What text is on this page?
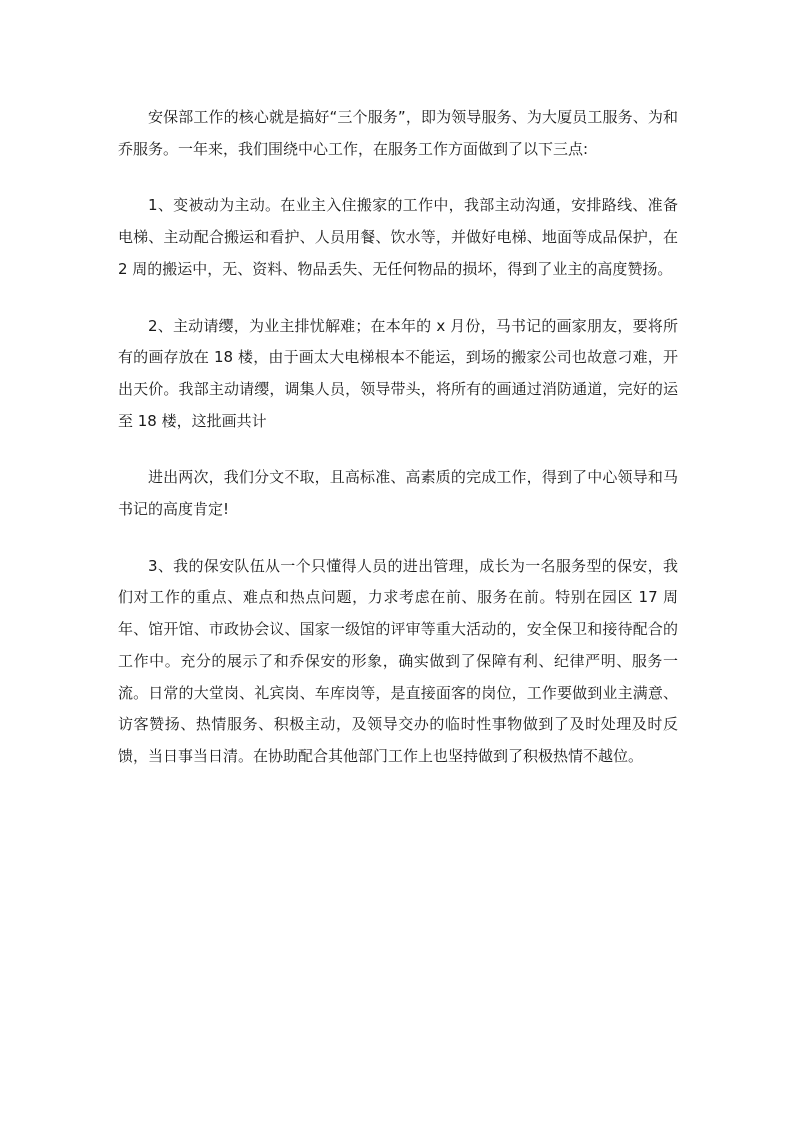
安保部工作的核心就是搞好“三个服务”，即为领导服务、为大厦员工服务、为和乔服务。一年来，我们围绕中心工作，在服务工作方面做到了以下三点:

1、变被动为主动。在业主入住搬家的工作中，我部主动沟通，安排路线、准备电梯、主动配合搬运和看护、人员用餐、饮水等，并做好电梯、地面等成品保护，在 2 周的搬运中，无、资料、物品丢失、无任何物品的损坏，得到了业主的高度赞扬。

2、主动请缨，为业主排忧解难；在本年的 x 月份，马书记的画家朋友，要将所有的画存放在 18 楼，由于画太大电梯根本不能运，到场的搬家公司也故意刁难，开出天价。我部主动请缨，调集人员，领导带头，将所有的画通过消防通道，完好的运至 18 楼，这批画共计

进出两次，我们分文不取，且高标准、高素质的完成工作，得到了中心领导和马书记的高度肯定!

3、我的保安队伍从一个只懂得人员的进出管理，成长为一名服务型的保安，我们对工作的重点、难点和热点问题，力求考虑在前、服务在前。特别在园区 17 周年、馆开馆、市政协会议、国家一级馆的评审等重大活动的，安全保卫和接待配合的工作中。充分的展示了和乔保安的形象，确实做到了保障有利、纪律严明、服务一流。日常的大堂岗、礼宾岗、车库岗等，是直接面客的岗位，工作要做到业主满意、访客赞扬、热情服务、积极主动，及领导交办的临时性事物做到了及时处理及时反馈，当日事当日清。在协助配合其他部门工作上也坚持做到了积极热情不越位。
